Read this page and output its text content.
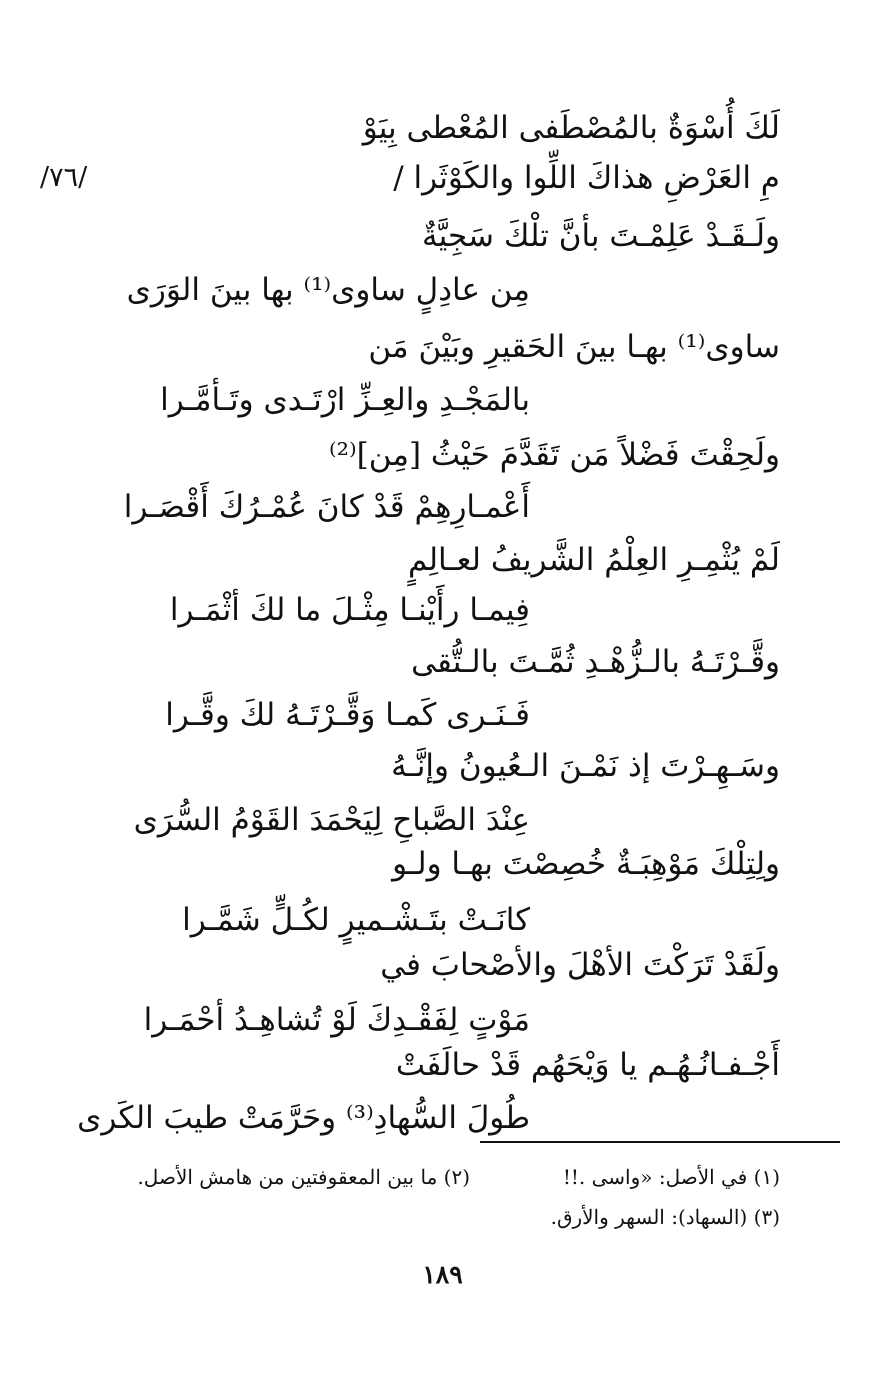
/٧٦/
لَكَ أُسْوَةٌ بالمُصْطَفى المُعْطى بِيَوْ
مِ العَرْضِ هذاكَ اللِّوا والكَوْثَرا /
ولَـقَـدْ عَلِمْـتَ بأنَّ تلْكَ سَجِيَّةٌ
مِن عادِلٍ ساوى⁽¹⁾ بها بينَ الوَرَى
ساوى⁽¹⁾ بهـا بينَ الحَقيرِ وبَيْنَ مَن
بالمَجْـدِ والعِـزِّ ارْتَـدى وتَـأمَّـرا
ولَحِقْتَ فَضْلاً مَن تَقَدَّمَ حَيْثُ [مِن]⁽²⁾
أَعْمـارِهِمْ قَدْ كانَ عُمْـرُكَ أَقْصَـرا
لَمْ يُثْمِـرِ العِلْمُ الشَّريفُ لعـالِمٍ
فِيمـا رأَيْنـا مِثْـلَ ما لكَ أثْمَـرا
وقَّـرْتَـهُ بالـزُّهْـدِ ثُمَّـتَ بالـتُّقى
فَـنَـرى كَمـا وَقَّـرْتَـهُ لكَ وقَّـرا
وسَـهِـرْتَ إذ نَمْـنَ الـعُيونُ وإنَّـهُ
عِنْدَ الصَّباحِ لِيَحْمَدَ القَوْمُ السُّرَى
ولِتِلْكَ مَوْهِبَـةٌ خُصِصْتَ بهـا ولـو
كانَـتْ بتَـشْـميرٍ لكُـلٍّ شَمَّـرا
ولَقَدْ تَرَكْتَ الأهْلَ والأصْحابَ في
مَوْتٍ لِفَقْـدِكَ لَوْ تُشاهِـدُ أحْمَـرا
أَجْـفـانُـهُـم يا وَيْحَهُم قَدْ حالَفَتْ
طُولَ السُّهادِ⁽³⁾ وحَرَّمَتْ طيبَ الكَرى
(١) في الأصل: «واسى .!!
(٢) ما بين المعقوفتين من هامش الأصل.
(٣) (السهاد): السهر والأرق.
١٨٩
